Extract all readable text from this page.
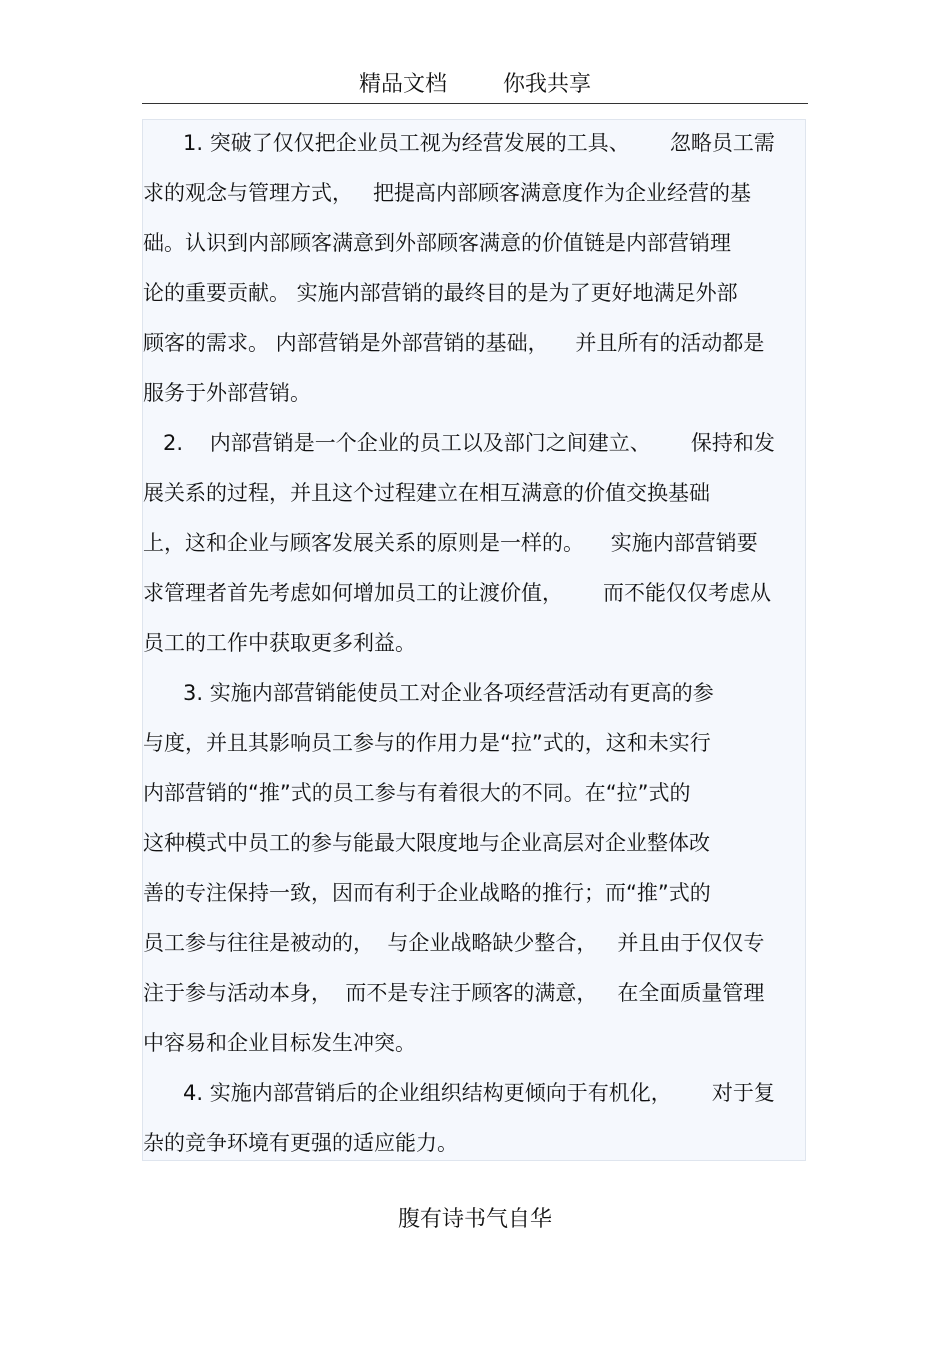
精品文档	你我共享
1. 突破了仅仅把企业员工视为经营发展的工具、      忽略员工需
求的观念与管理方式，   把提高内部顾客满意度作为企业经营的基
础。认识到内部顾客满意到外部顾客满意的价值链是内部营销理
论的重要贡献。 实施内部营销的最终目的是为了更好地满足外部
顾客的需求。 内部营销是外部营销的基础，    并且所有的活动都是
服务于外部营销。
2.    内部营销是一个企业的员工以及部门之间建立、      保持和发
展关系的过程，并且这个过程建立在相互满意的价值交换基础
上，这和企业与顾客发展关系的原则是一样的。    实施内部营销要
求管理者首先考虑如何增加员工的让渡价值，      而不能仅仅考虑从
员工的工作中获取更多利益。
3. 实施内部营销能使员工对企业各项经营活动有更高的参
与度，并且其影响员工参与的作用力是“拉”式的，这和未实行
内部营销的“推”式的员工参与有着很大的不同。在“拉”式的
这种模式中员工的参与能最大限度地与企业高层对企业整体改
善的专注保持一致，因而有利于企业战略的推行；而“推”式的
员工参与往往是被动的，  与企业战略缺少整合，   并且由于仅仅专
注于参与活动本身，  而不是专注于顾客的满意，   在全面质量管理
中容易和企业目标发生冲突。
4. 实施内部营销后的企业组织结构更倾向于有机化，      对于复
杂的竞争环境有更强的适应能力。
腹有诗书气自华
